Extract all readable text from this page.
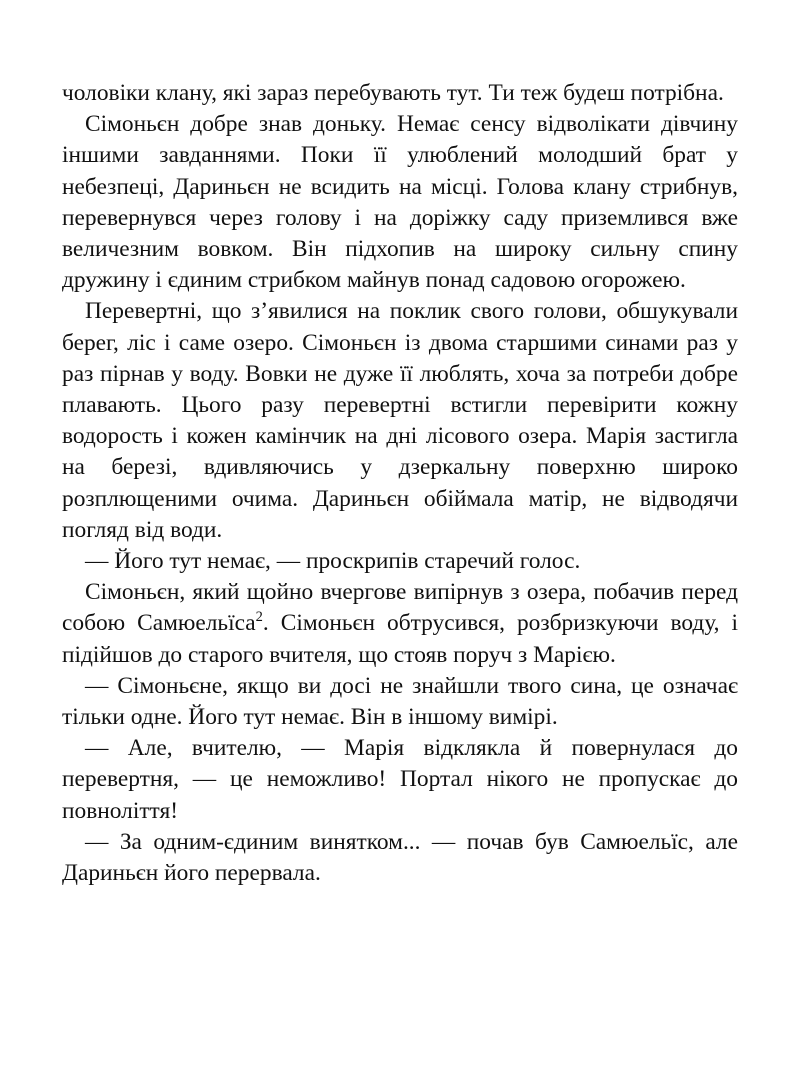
чоловіки клану, які зараз перебувають тут. Ти теж будеш потрібна.

Сімоньєн добре знав доньку. Немає сенсу відволікати дівчину іншими завданнями. Поки її улюблений молодший брат у небезпеці, Дариньєн не всидить на місці. Голова клану стрибнув, перевернувся через голову і на доріжку саду приземлився вже величезним вовком. Він підхопив на широку сильну спину дружину і єдиним стрибком майнув понад садовою огорожею.

Перевертні, що з’явилися на поклик свого голови, обшукували берег, ліс і саме озеро. Сімоньєн із двома старшими синами раз у раз пірнав у воду. Вовки не дуже її люблять, хоча за потреби добре плавають. Цього разу перевертні встигли перевірити кожну водорость і кожен камінчик на дні лісового озера. Марія застигла на березі, вдивляючись у дзеркальну поверхню широко розплющеними очима. Дариньєн обіймала матір, не відводячи погляд від води.

— Його тут немає, — проскрипів старечий голос.

Сімоньєн, який щойно вчергове випірнув з озера, побачив перед собою Самюельїса$^2$. Сімоньєн обтрусився, розбризкуючи воду, і підійшов до старого вчителя, що стояв поруч з Марією.

— Сімоньєне, якщо ви досі не знайшли твого сина, це означає тільки одне. Його тут немає. Він в іншому вимірі.

— Але, вчителю, — Марія відклякла й повернулася до перевертня, — це неможливо! Портал нікого не пропускає до повноліття!

— За одним-єдиним винятком... — почав був Самюельїс, але Дариньєн його перервала.
